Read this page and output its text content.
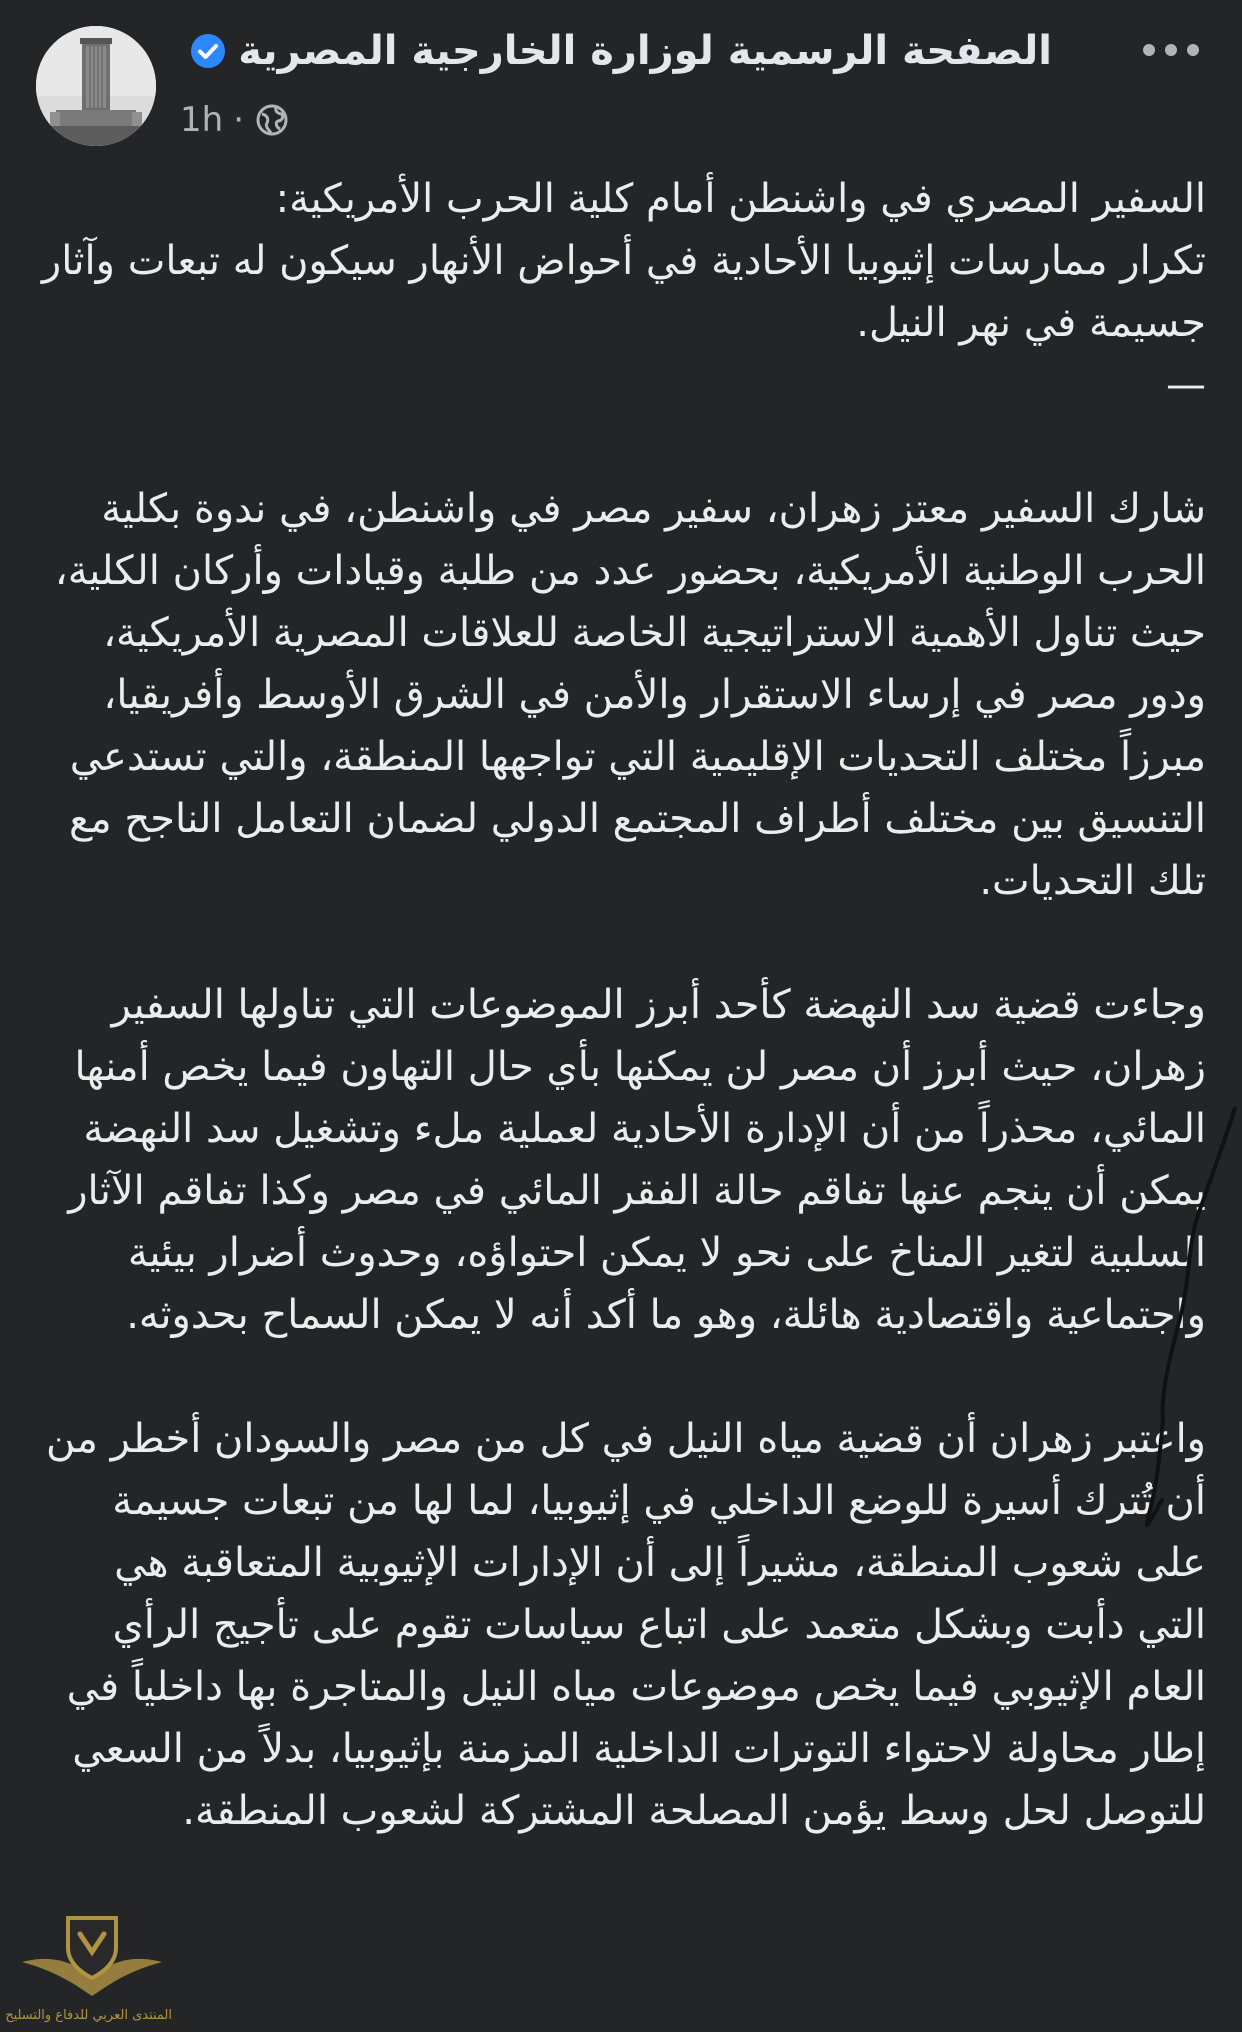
الصفحة الرسمية لوزارة الخارجية المصرية
1h ·

السفير المصري في واشنطن أمام كلية الحرب الأمريكية:

تكرار ممارسات إثيوبيا الأحادية في أحواض الأنهار سيكون له تبعات وآثار جسيمة في نهر النيل.

—

شارك السفير معتز زهران، سفير مصر في واشنطن، في ندوة بكلية الحرب الوطنية الأمريكية، بحضور عدد من طلبة وقيادات وأركان الكلية، حيث تناول الأهمية الاستراتيجية الخاصة للعلاقات المصرية الأمريكية، ودور مصر في إرساء الاستقرار والأمن في الشرق الأوسط وأفريقيا، مبرزاً مختلف التحديات الإقليمية التي تواجهها المنطقة، والتي تستدعي التنسيق بين مختلف أطراف المجتمع الدولي لضمان التعامل الناجح مع تلك التحديات.

وجاءت قضية سد النهضة كأحد أبرز الموضوعات التي تناولها السفير زهران، حيث أبرز أن مصر لن يمكنها بأي حال التهاون فيما يخص أمنها المائي، محذراً من أن الإدارة الأحادية لعملية ملء وتشغيل سد النهضة يمكن أن ينجم عنها تفاقم حالة الفقر المائي في مصر وكذا تفاقم الآثار السلبية لتغير المناخ على نحو لا يمكن احتواؤه، وحدوث أضرار بيئية واجتماعية واقتصادية هائلة، وهو ما أكد أنه لا يمكن السماح بحدوثه.

واعتبر زهران أن قضية مياه النيل في كل من مصر والسودان أخطر من أن تُترك أسيرة للوضع الداخلي في إثيوبيا، لما لها من تبعات جسيمة على شعوب المنطقة، مشيراً إلى أن الإدارات الإثيوبية المتعاقبة هي التي دأبت وبشكل متعمد على اتباع سياسات تقوم على تأجيج الرأي العام الإثيوبي فيما يخص موضوعات مياه النيل والمتاجرة بها داخلياً في إطار محاولة لاحتواء التوترات الداخلية المزمنة بإثيوبيا، بدلاً من السعي للتوصل لحل وسط يؤمن المصلحة المشتركة لشعوب المنطقة.

المنتدى العربي للدفاع والتسليح
